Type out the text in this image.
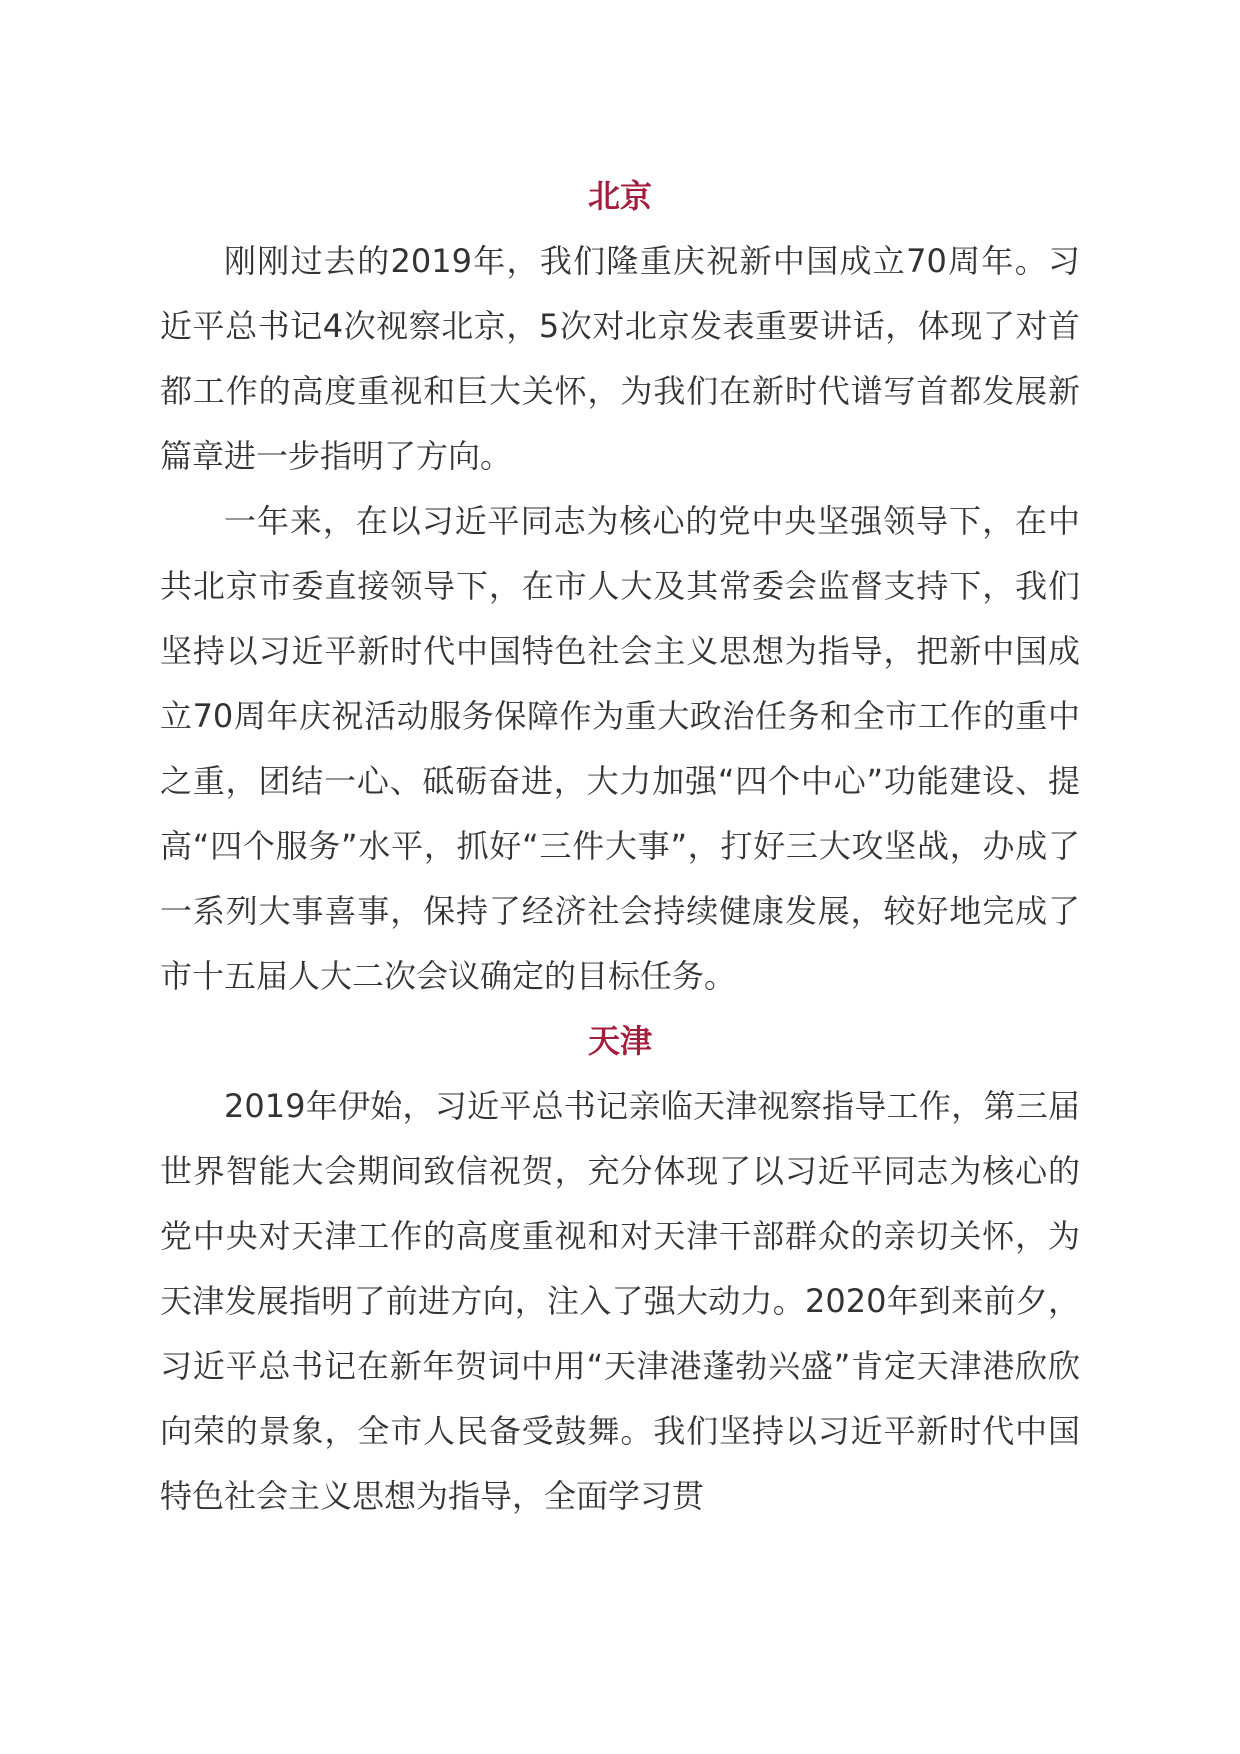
北京

刚刚过去的2019年，我们隆重庆祝新中国成立70周年。习近平总书记4次视察北京，5次对北京发表重要讲话，体现了对首都工作的高度重视和巨大关怀，为我们在新时代谱写首都发展新篇章进一步指明了方向。

一年来，在以习近平同志为核心的党中央坚强领导下，在中共北京市委直接领导下，在市人大及其常委会监督支持下，我们坚持以习近平新时代中国特色社会主义思想为指导，把新中国成立70周年庆祝活动服务保障作为重大政治任务和全市工作的重中之重，团结一心、砥砺奋进，大力加强“四个中心”功能建设、提高“四个服务”水平，抓好“三件大事”，打好三大攻坚战，办成了一系列大事喜事，保持了经济社会持续健康发展，较好地完成了市十五届人大二次会议确定的目标任务。

天津

2019年伊始，习近平总书记亲临天津视察指导工作，第三届世界智能大会期间致信祝贺，充分体现了以习近平同志为核心的党中央对天津工作的高度重视和对天津干部群众的亲切关怀，为天津发展指明了前进方向，注入了强大动力。2020年到来前夕，习近平总书记在新年贺词中用“天津港蓬勃兴盛”肯定天津港欣欣向荣的景象，全市人民备受鼓舞。我们坚持以习近平新时代中国特色社会主义思想为指导，全面学习贯
